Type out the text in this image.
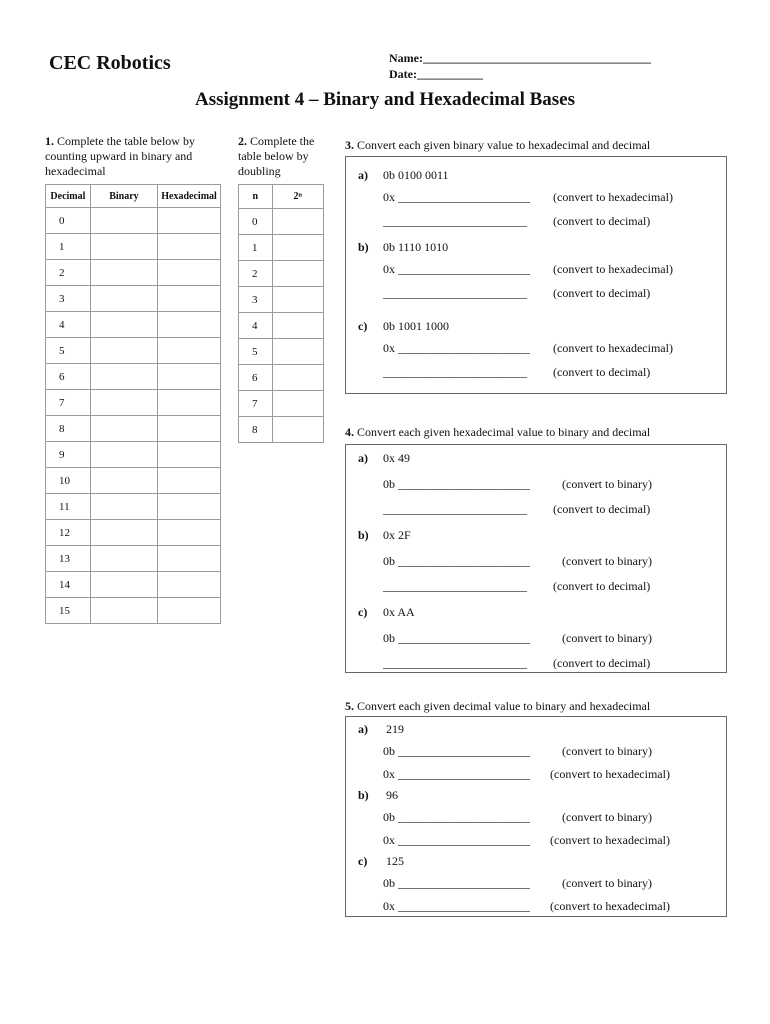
CEC Robotics	Name:______________________________________
Date:___________
Assignment 4 – Binary and Hexadecimal Bases
1. Complete the table below by counting upward in binary and hexadecimal
Decimal	Binary	Hexadecimal
0		
1		
2		
3		
4		
5		
6		
7		
8		
9		
10		
11		
12		
13		
14		
15		
2. Complete the table below by doubling
n	2ⁿ
0	
1	
2	
3	
4	
5	
6	
7	
8	
3. Convert each given binary value to hexadecimal and decimal
a) 0b 0100 0011
0x ______________________ (convert to hexadecimal)
________________________ (convert to decimal)
b) 0b 1110 1010
0x ______________________ (convert to hexadecimal)
________________________ (convert to decimal)
c) 0b 1001 1000
0x ______________________ (convert to hexadecimal)
________________________ (convert to decimal)
4. Convert each given hexadecimal value to binary and decimal
a) 0x 49
0b ______________________	(convert to binary)
________________________ (convert to decimal)
b) 0x 2F
0b ______________________	(convert to binary)
________________________ (convert to decimal)
c) 0x AA
0b ______________________	(convert to binary)
________________________ (convert to decimal)
5. Convert each given decimal value to binary and hexadecimal
a) 219
0b ______________________	(convert to binary)
0x ______________________ (convert to hexadecimal)
b) 96
0b ______________________	(convert to binary)
0x ______________________ (convert to hexadecimal)
c) 125
0b ______________________	(convert to binary)
0x ______________________ (convert to hexadecimal)
